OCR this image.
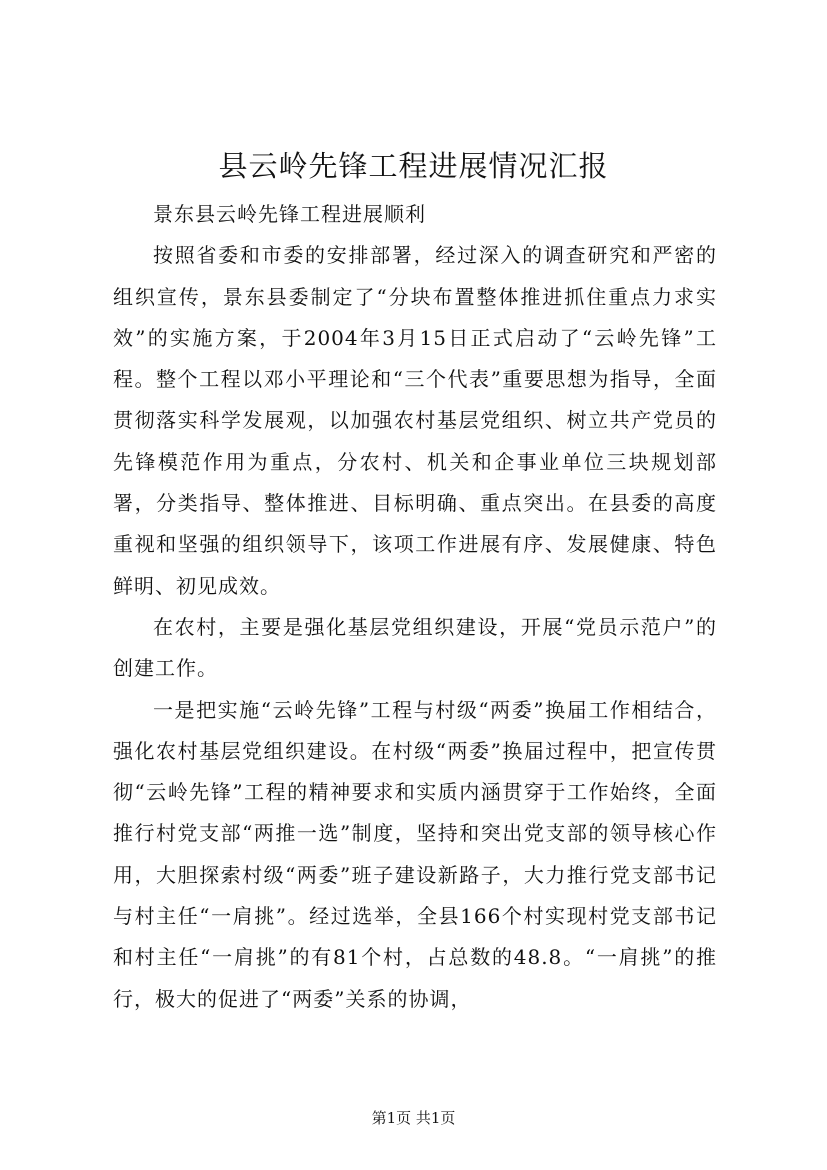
县云岭先锋工程进展情况汇报

景东县云岭先锋工程进展顺利

按照省委和市委的安排部署，经过深入的调查研究和严密的组织宣传，景东县委制定了“分块布置整体推进抓住重点力求实效”的实施方案，于2004年3月15日正式启动了“云岭先锋”工程。整个工程以邓小平理论和“三个代表”重要思想为指导，全面贯彻落实科学发展观，以加强农村基层党组织、树立共产党员的先锋模范作用为重点，分农村、机关和企事业单位三块规划部署，分类指导、整体推进、目标明确、重点突出。在县委的高度重视和坚强的组织领导下，该项工作进展有序、发展健康、特色鲜明、初见成效。

在农村，主要是强化基层党组织建设，开展“党员示范户”的创建工作。

一是把实施“云岭先锋”工程与村级“两委”换届工作相结合，强化农村基层党组织建设。在村级“两委”换届过程中，把宣传贯彻“云岭先锋”工程的精神要求和实质内涵贯穿于工作始终，全面推行村党支部“两推一选”制度，坚持和突出党支部的领导核心作用，大胆探索村级“两委”班子建设新路子，大力推行党支部书记与村主任“一肩挑”。经过选举，全县166个村实现村党支部书记和村主任“一肩挑”的有81个村，占总数的48.8。“一肩挑”的推行，极大的促进了“两委”关系的协调，

第1页 共1页
